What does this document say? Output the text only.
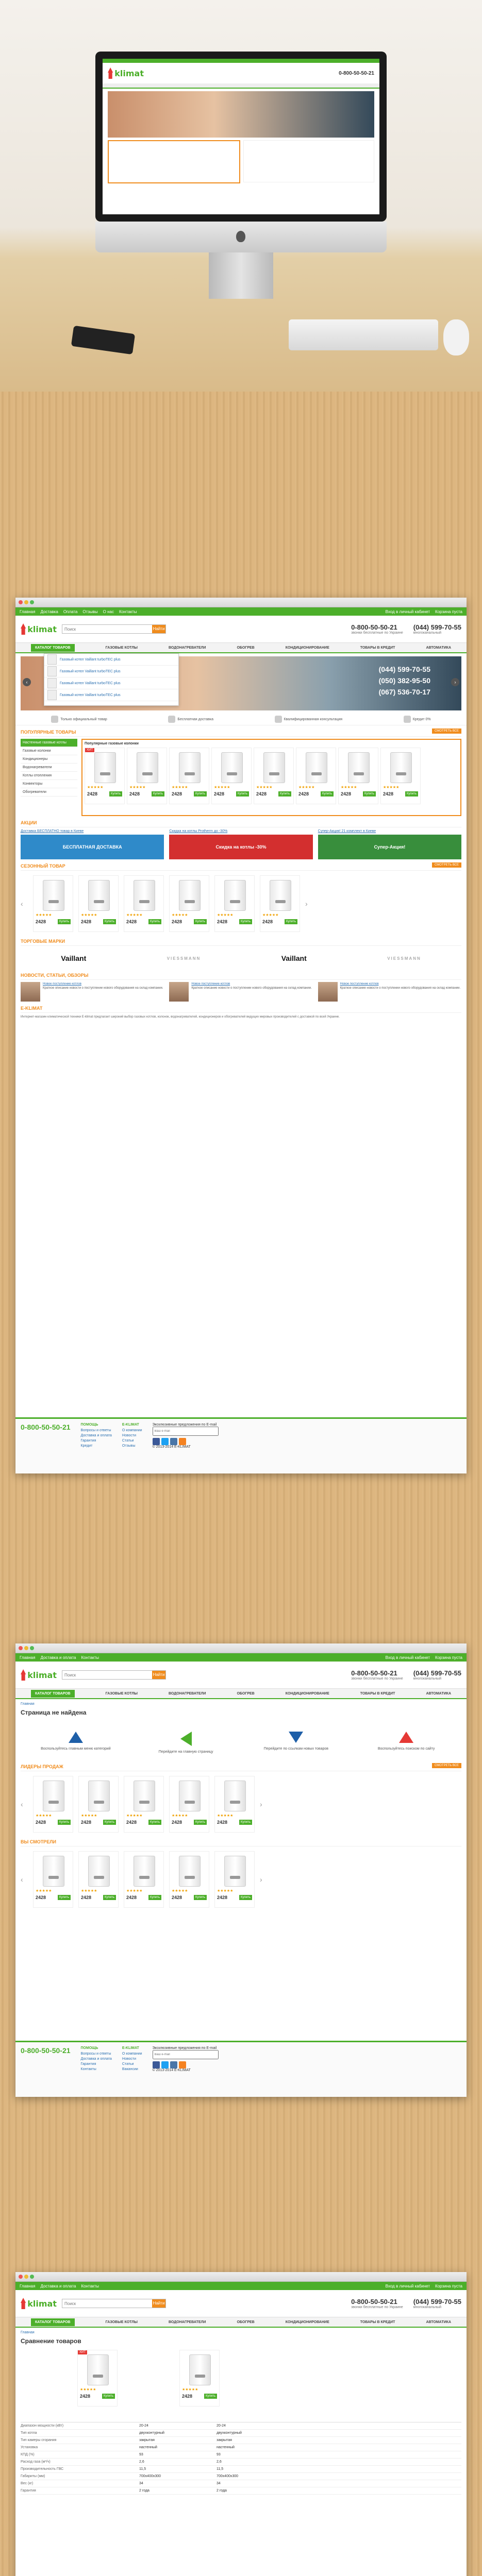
klimat	0-800-50-50-21
Главная Доставка Оплата Отзывы О нас Контакты	Вход в личный кабинет Корзина пуста
klimat
Поиск	Найти	0-800-50-50-21
звонки бесплатные по Украине
(044) 599-70-55
многоканальный
КАТАЛОГ ТОВАРОВ	ГАЗОВЫЕ КОТЛЫ	ВОДОНАГРЕВАТЕЛИ	ОБОГРЕВ	КОНДИЦИОНИРОВАНИЕ	ТОВАРЫ В КРЕДИТ	АВТОМАТИКА
‹	›
(044) 599-70-55
(050) 382-95-50
(067) 536-70-17
Газовый котел Vaillant turboTEC plus
Газовый котел Vaillant turboTEC plus
Газовый котел Vaillant turboTEC plus
Газовый котел Vaillant turboTEC plus
Только официальный товар	Бесплатная доставка	Квалифицированная консультация	Кредит 0%
ПОПУЛЯРНЫЕ ТОВАРЫ	СМОТРЕТЬ ВСЕ
Настенные газовые котлы
Газовые колонки
Кондиционеры
Водонагреватели
Котлы отопления
Конвекторы
Обогреватели
Популярные газовые колонки
ХИТ
★★★★★
2428	Купить
★★★★★
2428	Купить
★★★★★
2428	Купить
★★★★★
2428	Купить
★★★★★
2428	Купить
★★★★★
2428	Купить
★★★★★
2428	Купить
★★★★★
2428	Купить
АКЦИИ
Доставка БЕСПЛАТНО товар в Киеве
БЕСПЛАТНАЯ ДОСТАВКА
Скидка на котлы Protherm до -30%
Скидка на котлы -30%
Супер-Акция! 21 комплект в Киеве
Супер-Акция!
СЕЗОННЫЙ ТОВАР	СМОТРЕТЬ ВСЕ
‹
★★★★★
2428	Купить
★★★★★
2428	Купить
★★★★★
2428	Купить
★★★★★
2428	Купить
★★★★★
2428	Купить
★★★★★
2428	Купить
›
ТОРГОВЫЕ МАРКИ
Vaillant	VIESSMANN	Vaillant	VIESSMANN
НОВОСТИ, СТАТЬИ, ОБЗОРЫ
Новое поступление котлов
Краткое описание новости о поступлении нового оборудования на склад компании.
Новое поступление котлов
Краткое описание новости о поступлении нового оборудования на склад компании.
Новое поступление котлов
Краткое описание новости о поступлении нового оборудования на склад компании.
E-KLIMAT
Интернет-магазин климатической техники E-klimat предлагает широкий выбор газовых котлов, колонок, водонагревателей, кондиционеров и обогревателей ведущих мировых производителей с доставкой по всей Украине.
0-800-50-50-21	ПОМОЩЬ
Вопросы и ответы
Доставка и оплата
Гарантия
Кредит
E-KLIMAT
О компании
Новости
Статьи
Отзывы
Эксклюзивные предложения по E-mail
Ваш e-mail
© 2013-2014 E-KLIMAT
Главная Доставка и оплата Контакты	Вход в личный кабинет Корзина пуста
klimat
Поиск	Найти	0-800-50-50-21
звонки бесплатные по Украине
(044) 599-70-55
многоканальный
КАТАЛОГ ТОВАРОВ	ГАЗОВЫЕ КОТЛЫ	ВОДОНАГРЕВАТЕЛИ	ОБОГРЕВ	КОНДИЦИОНИРОВАНИЕ	ТОВАРЫ В КРЕДИТ	АВТОМАТИКА
Главная
Страница не найдена
Воспользуйтесь главным меню категорий
Перейдите на главную страницу
Перейдите по ссылкам новых товаров	Воспользуйтесь поиском по сайту
ЛИДЕРЫ ПРОДАЖ	СМОТРЕТЬ ВСЕ
‹
★★★★★
2428	Купить
★★★★★
2428	Купить
★★★★★
2428	Купить
★★★★★
2428	Купить
★★★★★
2428	Купить
›
ВЫ СМОТРЕЛИ
‹
★★★★★
2428	Купить
★★★★★
2428	Купить
★★★★★
2428	Купить
★★★★★
2428	Купить
★★★★★
2428	Купить
›
0-800-50-50-21	ПОМОЩЬ
Вопросы и ответы
Доставка и оплата
Гарантия
Контакты
E-KLIMAT
О компании
Новости
Статьи
Вакансии
Эксклюзивные предложения по E-mail
Ваш e-mail
© 2013-2014 E-KLIMAT
Главная Доставка и оплата Контакты	Вход в личный кабинет Корзина пуста
klimat
Поиск	Найти	0-800-50-50-21
звонки бесплатные по Украине
(044) 599-70-55
многоканальный
КАТАЛОГ ТОВАРОВ	ГАЗОВЫЕ КОТЛЫ	ВОДОНАГРЕВАТЕЛИ	ОБОГРЕВ	КОНДИЦИОНИРОВАНИЕ	ТОВАРЫ В КРЕДИТ	АВТОМАТИКА
Главная
Сравнение товаров
ХИТ
★★★★★
2428	Купить
★★★★★
2428	Купить
Диапазон мощности (кВт)	20-24	20-24
Тип котла	двухконтурный	двухконтурный
Тип камеры сгорания	закрытая	закрытая
Установка	настенный	настенный
КПД (%)	93	93
Расход газа (м³/ч)	2,6	2,6
Производительность ГВС	11,5	11,5
Габариты (мм)	700x400x300	700x400x300
Вес (кг)	34	34
Гарантия	2 года	2 года
